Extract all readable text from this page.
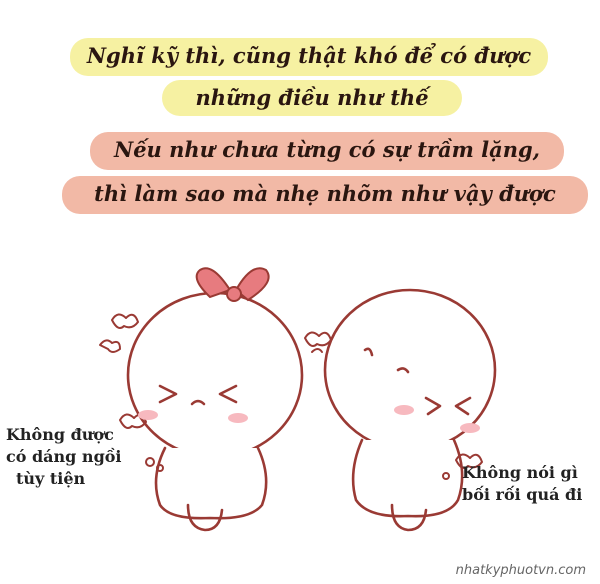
Nghĩ kỹ thì, cũng thật khó để có được
những điều như thế
Nếu như chưa từng có sự trầm lặng,
thì làm sao mà nhẹ nhõm như vậy được
Không được
có dáng ngồi
tùy tiện	Không nói gì
bối rối quá đi
nhatkyphuotvn.com
